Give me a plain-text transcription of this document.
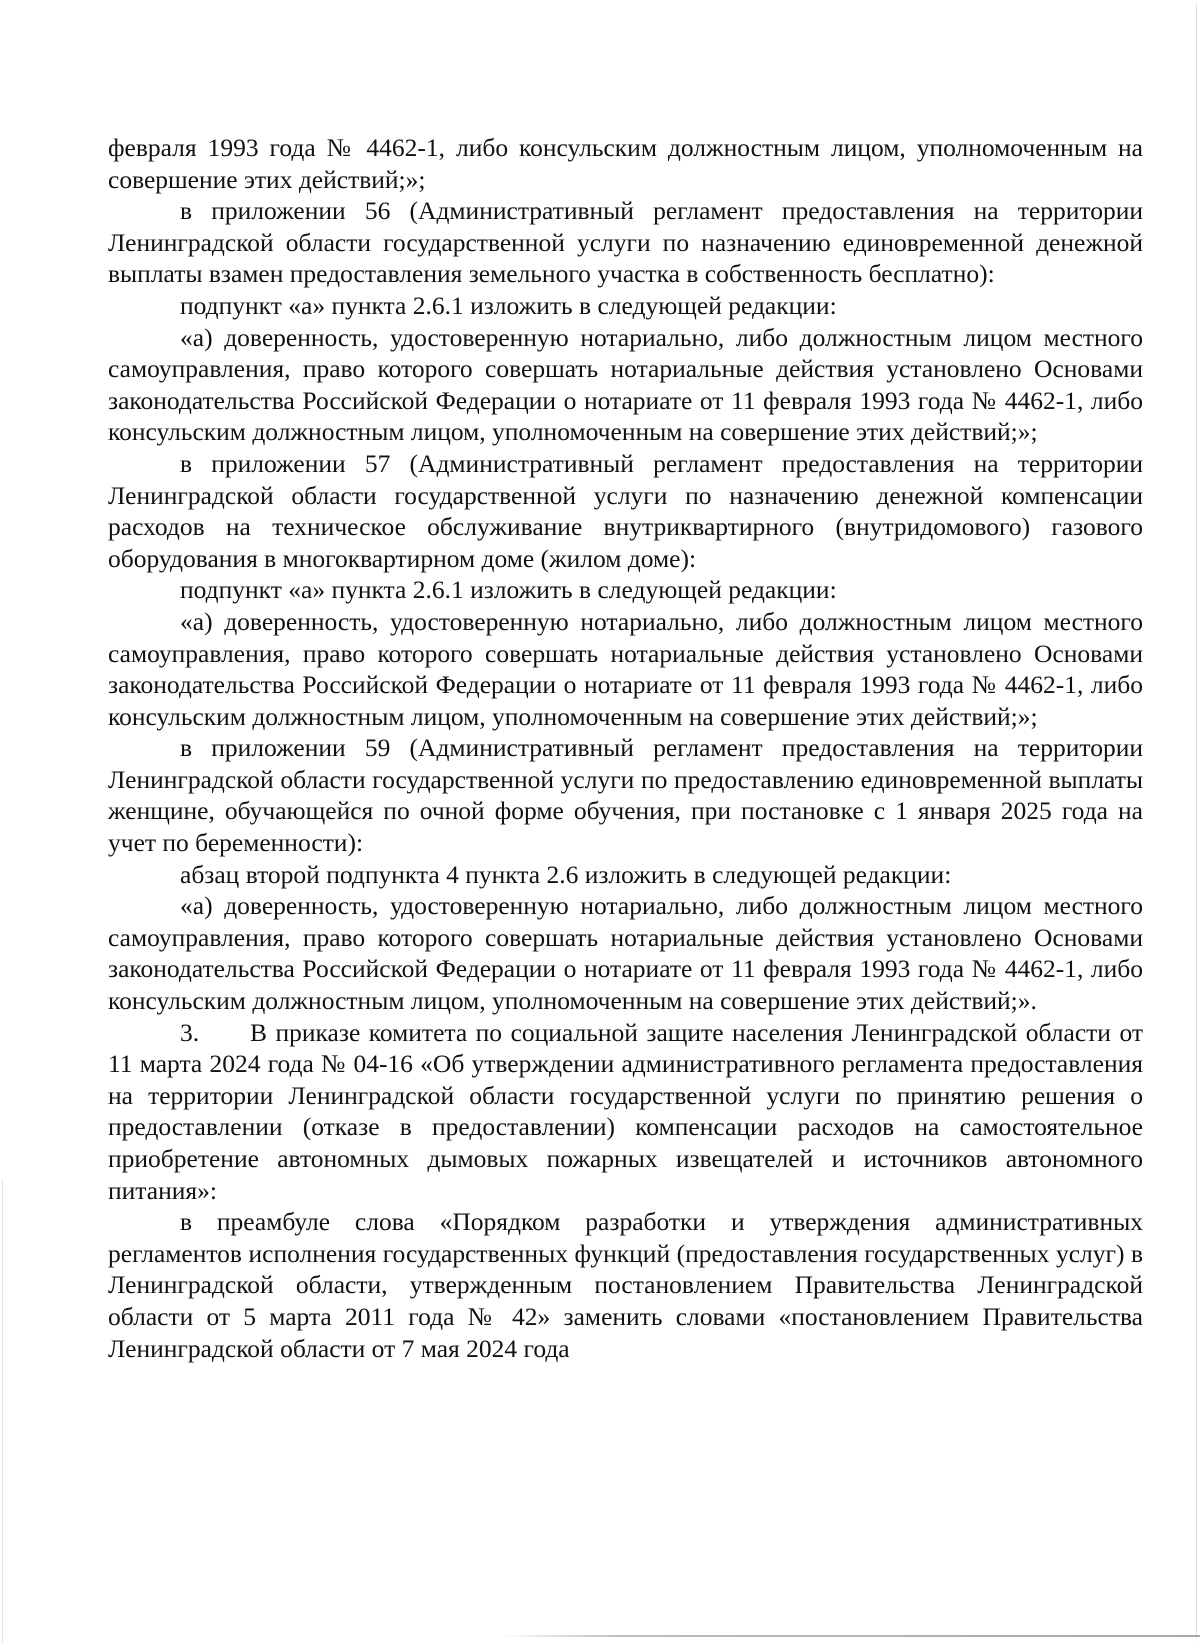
февраля 1993 года № 4462-1, либо консульским должностным лицом, уполномоченным на совершение этих действий;»;

в приложении 56 (Административный регламент предоставления на территории Ленинградской области государственной услуги по назначению единовременной денежной выплаты взамен предоставления земельного участка в собственность бесплатно):

подпункт «а» пункта 2.6.1 изложить в следующей редакции:

«а) доверенность, удостоверенную нотариально, либо должностным лицом местного самоуправления, право которого совершать нотариальные действия установлено Основами законодательства Российской Федерации о нотариате от 11 февраля 1993 года № 4462-1, либо консульским должностным лицом, уполномоченным на совершение этих действий;»;

в приложении 57 (Административный регламент предоставления на территории Ленинградской области государственной услуги по назначению денежной компенсации расходов на техническое обслуживание внутриквартирного (внутридомового) газового оборудования в многоквартирном доме (жилом доме):

подпункт «а» пункта 2.6.1 изложить в следующей редакции:

«а) доверенность, удостоверенную нотариально, либо должностным лицом местного самоуправления, право которого совершать нотариальные действия установлено Основами законодательства Российской Федерации о нотариате от 11 февраля 1993 года № 4462-1, либо консульским должностным лицом, уполномоченным на совершение этих действий;»;

в приложении 59 (Административный регламент предоставления на территории Ленинградской области государственной услуги по предоставлению единовременной выплаты женщине, обучающейся по очной форме обучения, при постановке с 1 января 2025 года на учет по беременности):

абзац второй подпункта 4 пункта 2.6 изложить в следующей редакции:

«а) доверенность, удостоверенную нотариально, либо должностным лицом местного самоуправления, право которого совершать нотариальные действия установлено Основами законодательства Российской Федерации о нотариате от 11 февраля 1993 года № 4462-1, либо консульским должностным лицом, уполномоченным на совершение этих действий;».

3. В приказе комитета по социальной защите населения Ленинградской области от 11 марта 2024 года № 04-16 «Об утверждении административного регламента предоставления на территории Ленинградской области государственной услуги по принятию решения о предоставлении (отказе в предоставлении) компенсации расходов на самостоятельное приобретение автономных дымовых пожарных извещателей и источников автономного питания»:

в преамбуле слова «Порядком разработки и утверждения административных регламентов исполнения государственных функций (предоставления государственных услуг) в Ленинградской области, утвержденным постановлением Правительства Ленинградской области от 5 марта 2011 года № 42» заменить словами «постановлением Правительства Ленинградской области от 7 мая 2024 года
